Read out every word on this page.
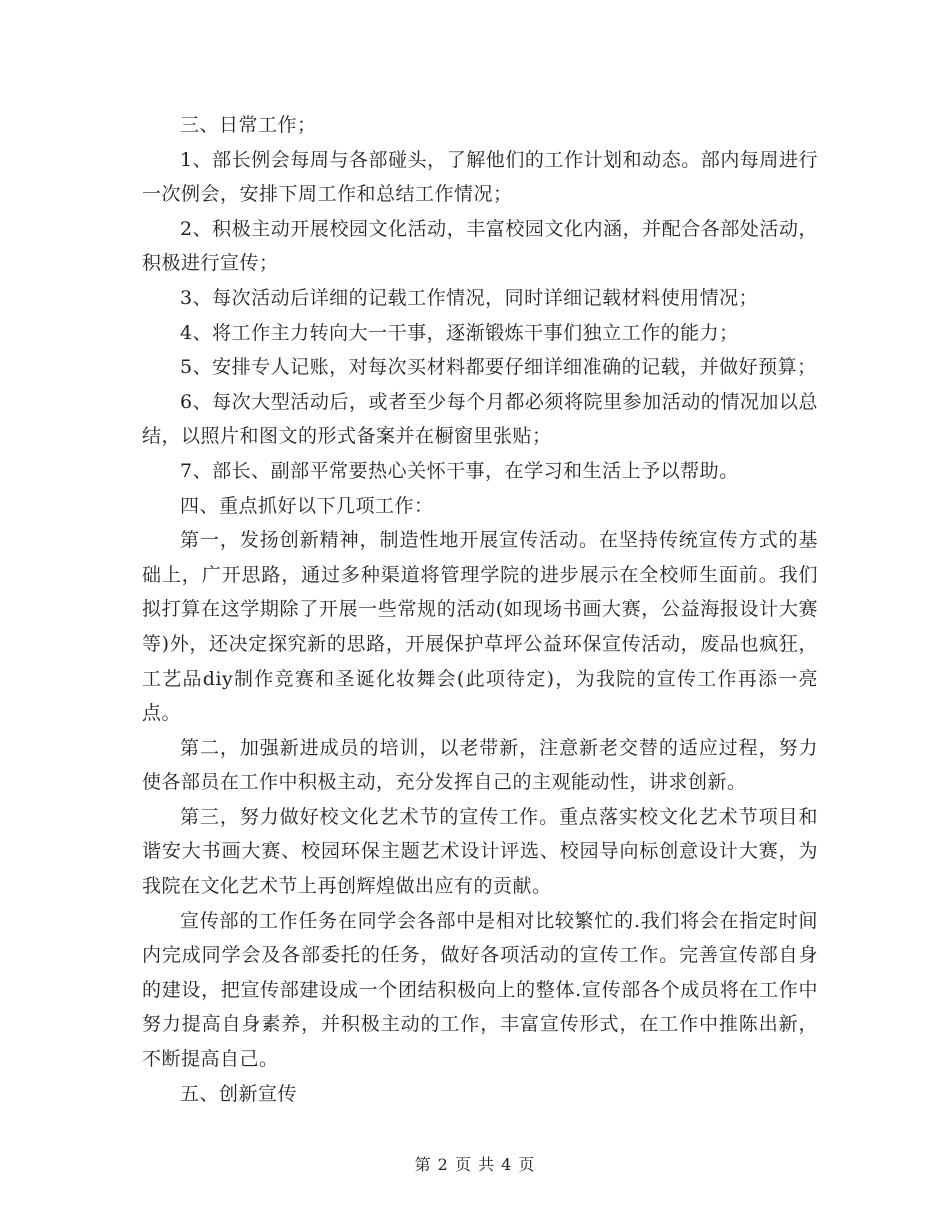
三、日常工作；

1、部长例会每周与各部碰头，了解他们的工作计划和动态。部内每周进行一次例会，安排下周工作和总结工作情况；

2、积极主动开展校园文化活动，丰富校园文化内涵，并配合各部处活动，积极进行宣传；

3、每次活动后详细的记载工作情况，同时详细记载材料使用情况；

4、将工作主力转向大一干事，逐渐锻炼干事们独立工作的能力；

5、安排专人记账，对每次买材料都要仔细详细准确的记载，并做好预算；

6、每次大型活动后，或者至少每个月都必须将院里参加活动的情况加以总结，以照片和图文的形式备案并在橱窗里张贴；

7、部长、副部平常要热心关怀干事，在学习和生活上予以帮助。

四、重点抓好以下几项工作：

第一，发扬创新精神，制造性地开展宣传活动。在坚持传统宣传方式的基础上，广开思路，通过多种渠道将管理学院的进步展示在全校师生面前。我们拟打算在这学期除了开展一些常规的活动(如现场书画大赛，公益海报设计大赛等)外，还决定探究新的思路，开展保护草坪公益环保宣传活动，废品也疯狂，工艺品diy制作竞赛和圣诞化妆舞会(此项待定)，为我院的宣传工作再添一亮点。

第二，加强新进成员的培训，以老带新，注意新老交替的适应过程，努力使各部员在工作中积极主动，充分发挥自己的主观能动性，讲求创新。

第三，努力做好校文化艺术节的宣传工作。重点落实校文化艺术节项目和谐安大书画大赛、校园环保主题艺术设计评选、校园导向标创意设计大赛，为我院在文化艺术节上再创辉煌做出应有的贡献。

宣传部的工作任务在同学会各部中是相对比较繁忙的.我们将会在指定时间内完成同学会及各部委托的任务，做好各项活动的宣传工作。完善宣传部自身的建设，把宣传部建设成一个团结积极向上的整体.宣传部各个成员将在工作中努力提高自身素养，并积极主动的工作，丰富宣传形式，在工作中推陈出新，不断提高自己。

五、创新宣传

第 2 页 共 4 页
